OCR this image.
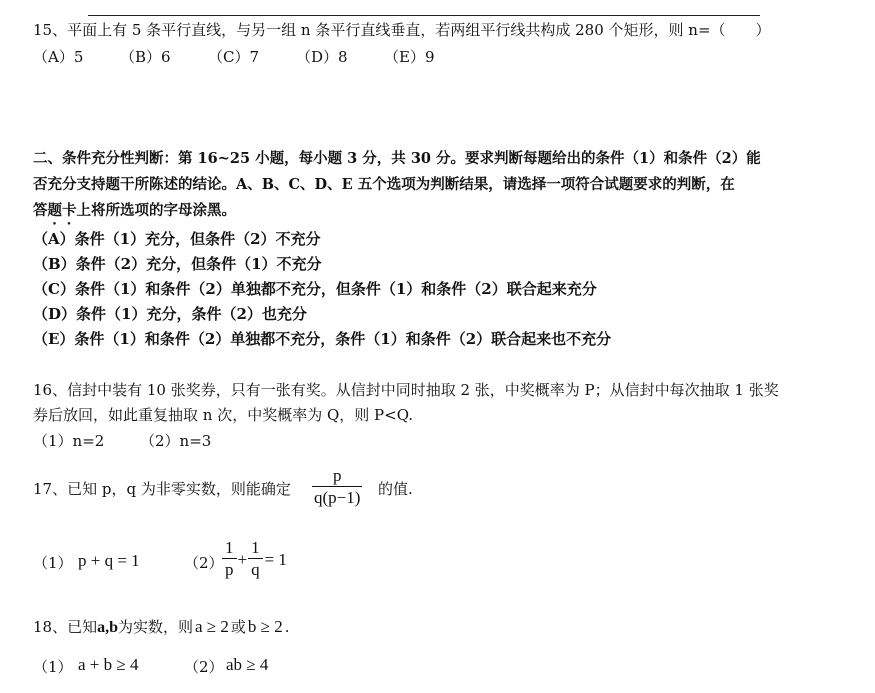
15、平面上有 5 条平行直线，与另一组 n 条平行直线垂直，若两组平行线共构成 280 个矩形，则 n=（　　）
（A）5 （B）6 （C）7 （D）8 （E）9
二、条件充分性判断：第 16~25 小题，每小题 3 分，共 30 分。要求判断每题给出的条件（1）和条件（2）能
否充分支持题干所陈述的结论。A、B、C、D、E 五个选项为判断结果，请选择一项符合试题要求的判断，在
答题卡上将所选项的字母涂黑。
（A）条件（1）充分，但条件（2）不充分
（B）条件（2）充分，但条件（1）不充分
（C）条件（1）和条件（2）单独都不充分，但条件（1）和条件（2）联合起来充分
（D）条件（1）充分，条件（2）也充分
（E）条件（1）和条件（2）单独都不充分，条件（1）和条件（2）联合起来也不充分
16、信封中装有 10 张奖券，只有一张有奖。从信封中同时抽取 2 张，中奖概率为 P；从信封中每次抽取 1 张奖
券后放回，如此重复抽取 n 次，中奖概率为 Q，则 P<Q.
（1）n=2 （2）n=3
17、已知 p，q 为非零实数，则能确定 $\frac{p}{q(p-1)}$ 的值.
（1） p + q = 1	（2）
$\frac{1}{p} + \frac{1}{q} = 1$
18、已知a,b为实数，则 a ≥ 2 或 b ≥ 2 .
（1） a + b ≥ 4	（2） ab ≥ 4
